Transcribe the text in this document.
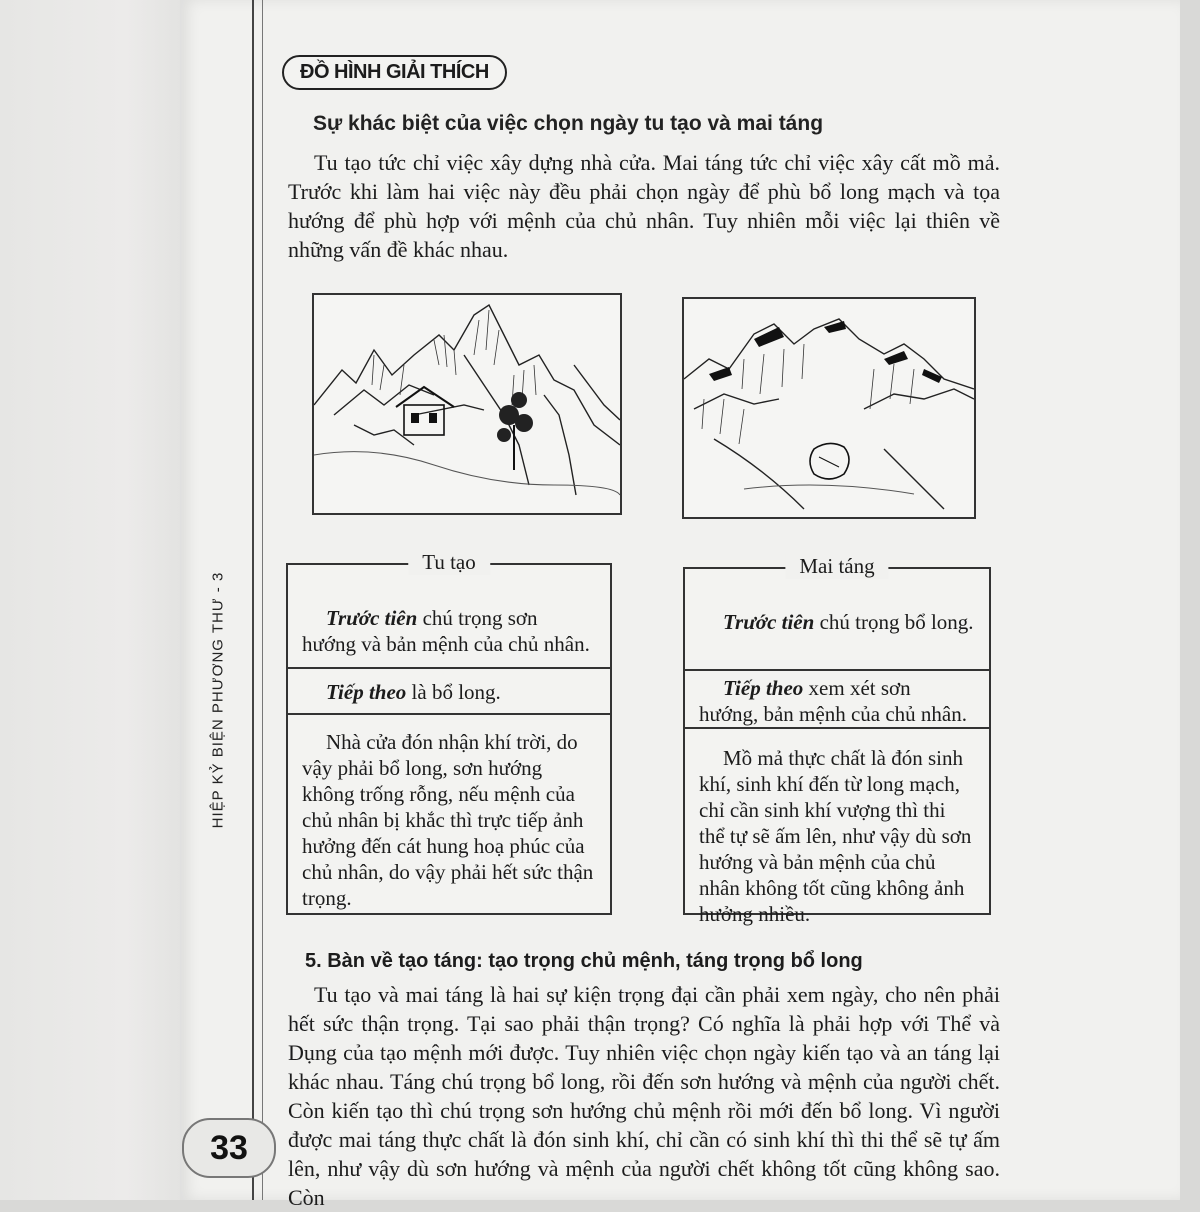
HIỆP KỶ BIỆN PHƯƠNG THƯ - 3
33
ĐỒ HÌNH GIẢI THÍCH
Sự khác biệt của việc chọn ngày tu tạo và mai táng
Tu tạo tức chỉ việc xây dựng nhà cửa. Mai táng tức chỉ việc xây cất mồ mả. Trước khi làm hai việc này đều phải chọn ngày để phù bổ long mạch và tọa hướng để phù hợp với mệnh của chủ nhân. Tuy nhiên mỗi việc lại thiên về những vấn đề khác nhau.
Tu tạo
Trước tiên chú trọng sơn hướng và bản mệnh của chủ nhân.
Tiếp theo là bổ long.
Nhà cửa đón nhận khí trời, do vậy phải bổ long, sơn hướng không trống rỗng, nếu mệnh của chủ nhân bị khắc thì trực tiếp ảnh hưởng đến cát hung hoạ phúc của chủ nhân, do vậy phải hết sức thận trọng.
Mai táng
Trước tiên chú trọng bổ long.
Tiếp theo xem xét sơn hướng, bản mệnh của chủ nhân.
Mồ mả thực chất là đón sinh khí, sinh khí đến từ long mạch, chỉ cần sinh khí vượng thì thi thể tự sẽ ấm lên, như vậy dù sơn hướng và bản mệnh của chủ nhân không tốt cũng không ảnh hưởng nhiều.
5. Bàn về tạo táng: tạo trọng chủ mệnh, táng trọng bổ long
Tu tạo và mai táng là hai sự kiện trọng đại cần phải xem ngày, cho nên phải hết sức thận trọng. Tại sao phải thận trọng? Có nghĩa là phải hợp với Thể và Dụng của tạo mệnh mới được. Tuy nhiên việc chọn ngày kiến tạo và an táng lại khác nhau. Táng chú trọng bổ long, rồi đến sơn hướng và mệnh của người chết. Còn kiến tạo thì chú trọng sơn hướng chủ mệnh rồi mới đến bổ long. Vì người được mai táng thực chất là đón sinh khí, chỉ cần có sinh khí thì thi thể sẽ tự ấm lên, như vậy dù sơn hướng và mệnh của người chết không tốt cũng không sao. Còn
